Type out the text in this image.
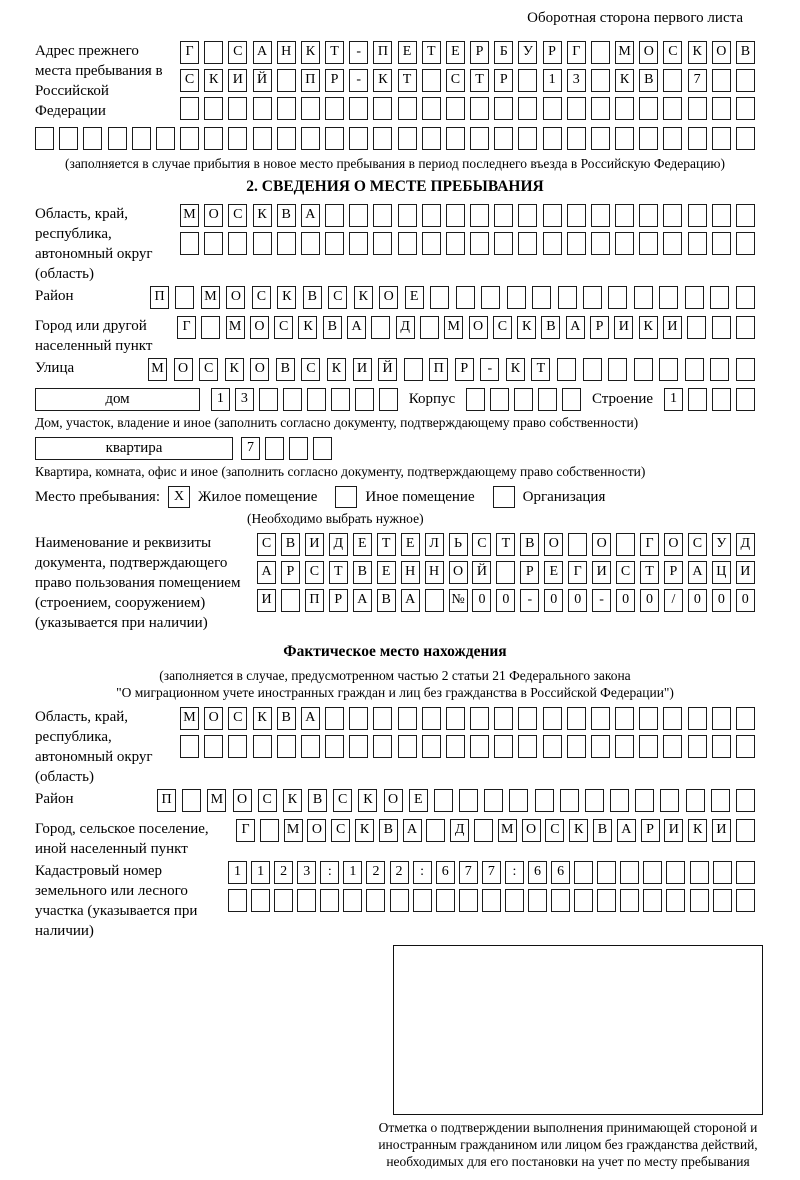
Оборотная сторона первого листа
Адрес прежнего места пребывания в Российской Федерации
Г	С	А	Н	К	Т	-	П	Е	Т	Е	Р	Б	У	Р	Г	М О	С	К	О	В
С	К	И	Й	П	Р	-	К	Т	С	Т	Р	1	3	К	В	7
(заполняется в случае прибытия в новое место пребывания в период последнего въезда в Российскую Федерацию)
2. СВЕДЕНИЯ О МЕСТЕ ПРЕБЫВАНИЯ
Область, край, республика, автономный округ (область)
М О	С	К	В	А
Район	П	М	О	С	К	В	С	К	О	Е
Город или другой населенный пункт
Г	М О	С	К	В	А	Д	М О	С	К	В	А	Р	И	К	И
Улица	М	О	С	К	О	В	С	К	И	Й	П	Р	-	К	Т
дом	1	3	Корпус	Строение	1
Дом, участок, владение и иное (заполнить согласно документу, подтверждающему право собственности)
квартира	7
Квартира, комната, офис и иное (заполнить согласно документу, подтверждающему право собственности)
Место пребывания: X Жилое помещение	Иное помещение	Организация
(Необходимо выбрать нужное)
Наименование и реквизиты документа, подтверждающего право пользования помещением (строением, сооружением) (указывается при наличии)
С	В	И	Д	Е	Т	Е	Л	Ь	С	Т	В	О	О	Г	О	С	У	Д
А	Р	С	Т	В	Е	Н Н О Й	Р	Е	Г	И	С	Т	Р	А Ц И
И	П	Р	А	В	А	№ 0	0	-	0	0	-	0	0	/	0	0	0
Фактическое место нахождения
(заполняется в случае, предусмотренном частью 2 статьи 21 Федерального закона
"О миграционном учете иностранных граждан и лиц без гражданства в Российской Федерации")
Область, край, республика, автономный округ (область)
М О	С	К	В	А
Район	П	М О	С	К	В	С	К	О	Е
Город, сельское поселение, иной населенный пункт
Г	М О	С	К	В	А	Д	М О	С	К	В	А	Р	И	К	И
Кадастровый номер земельного или лесного участка (указывается при наличии)
1	1	2	3	:	1	2	2	:	6	7	7	:	6	6
Отметка о подтверждении выполнения принимающей стороной и иностранным гражданином или лицом без гражданства действий, необходимых для его постановки на учет по месту пребывания
